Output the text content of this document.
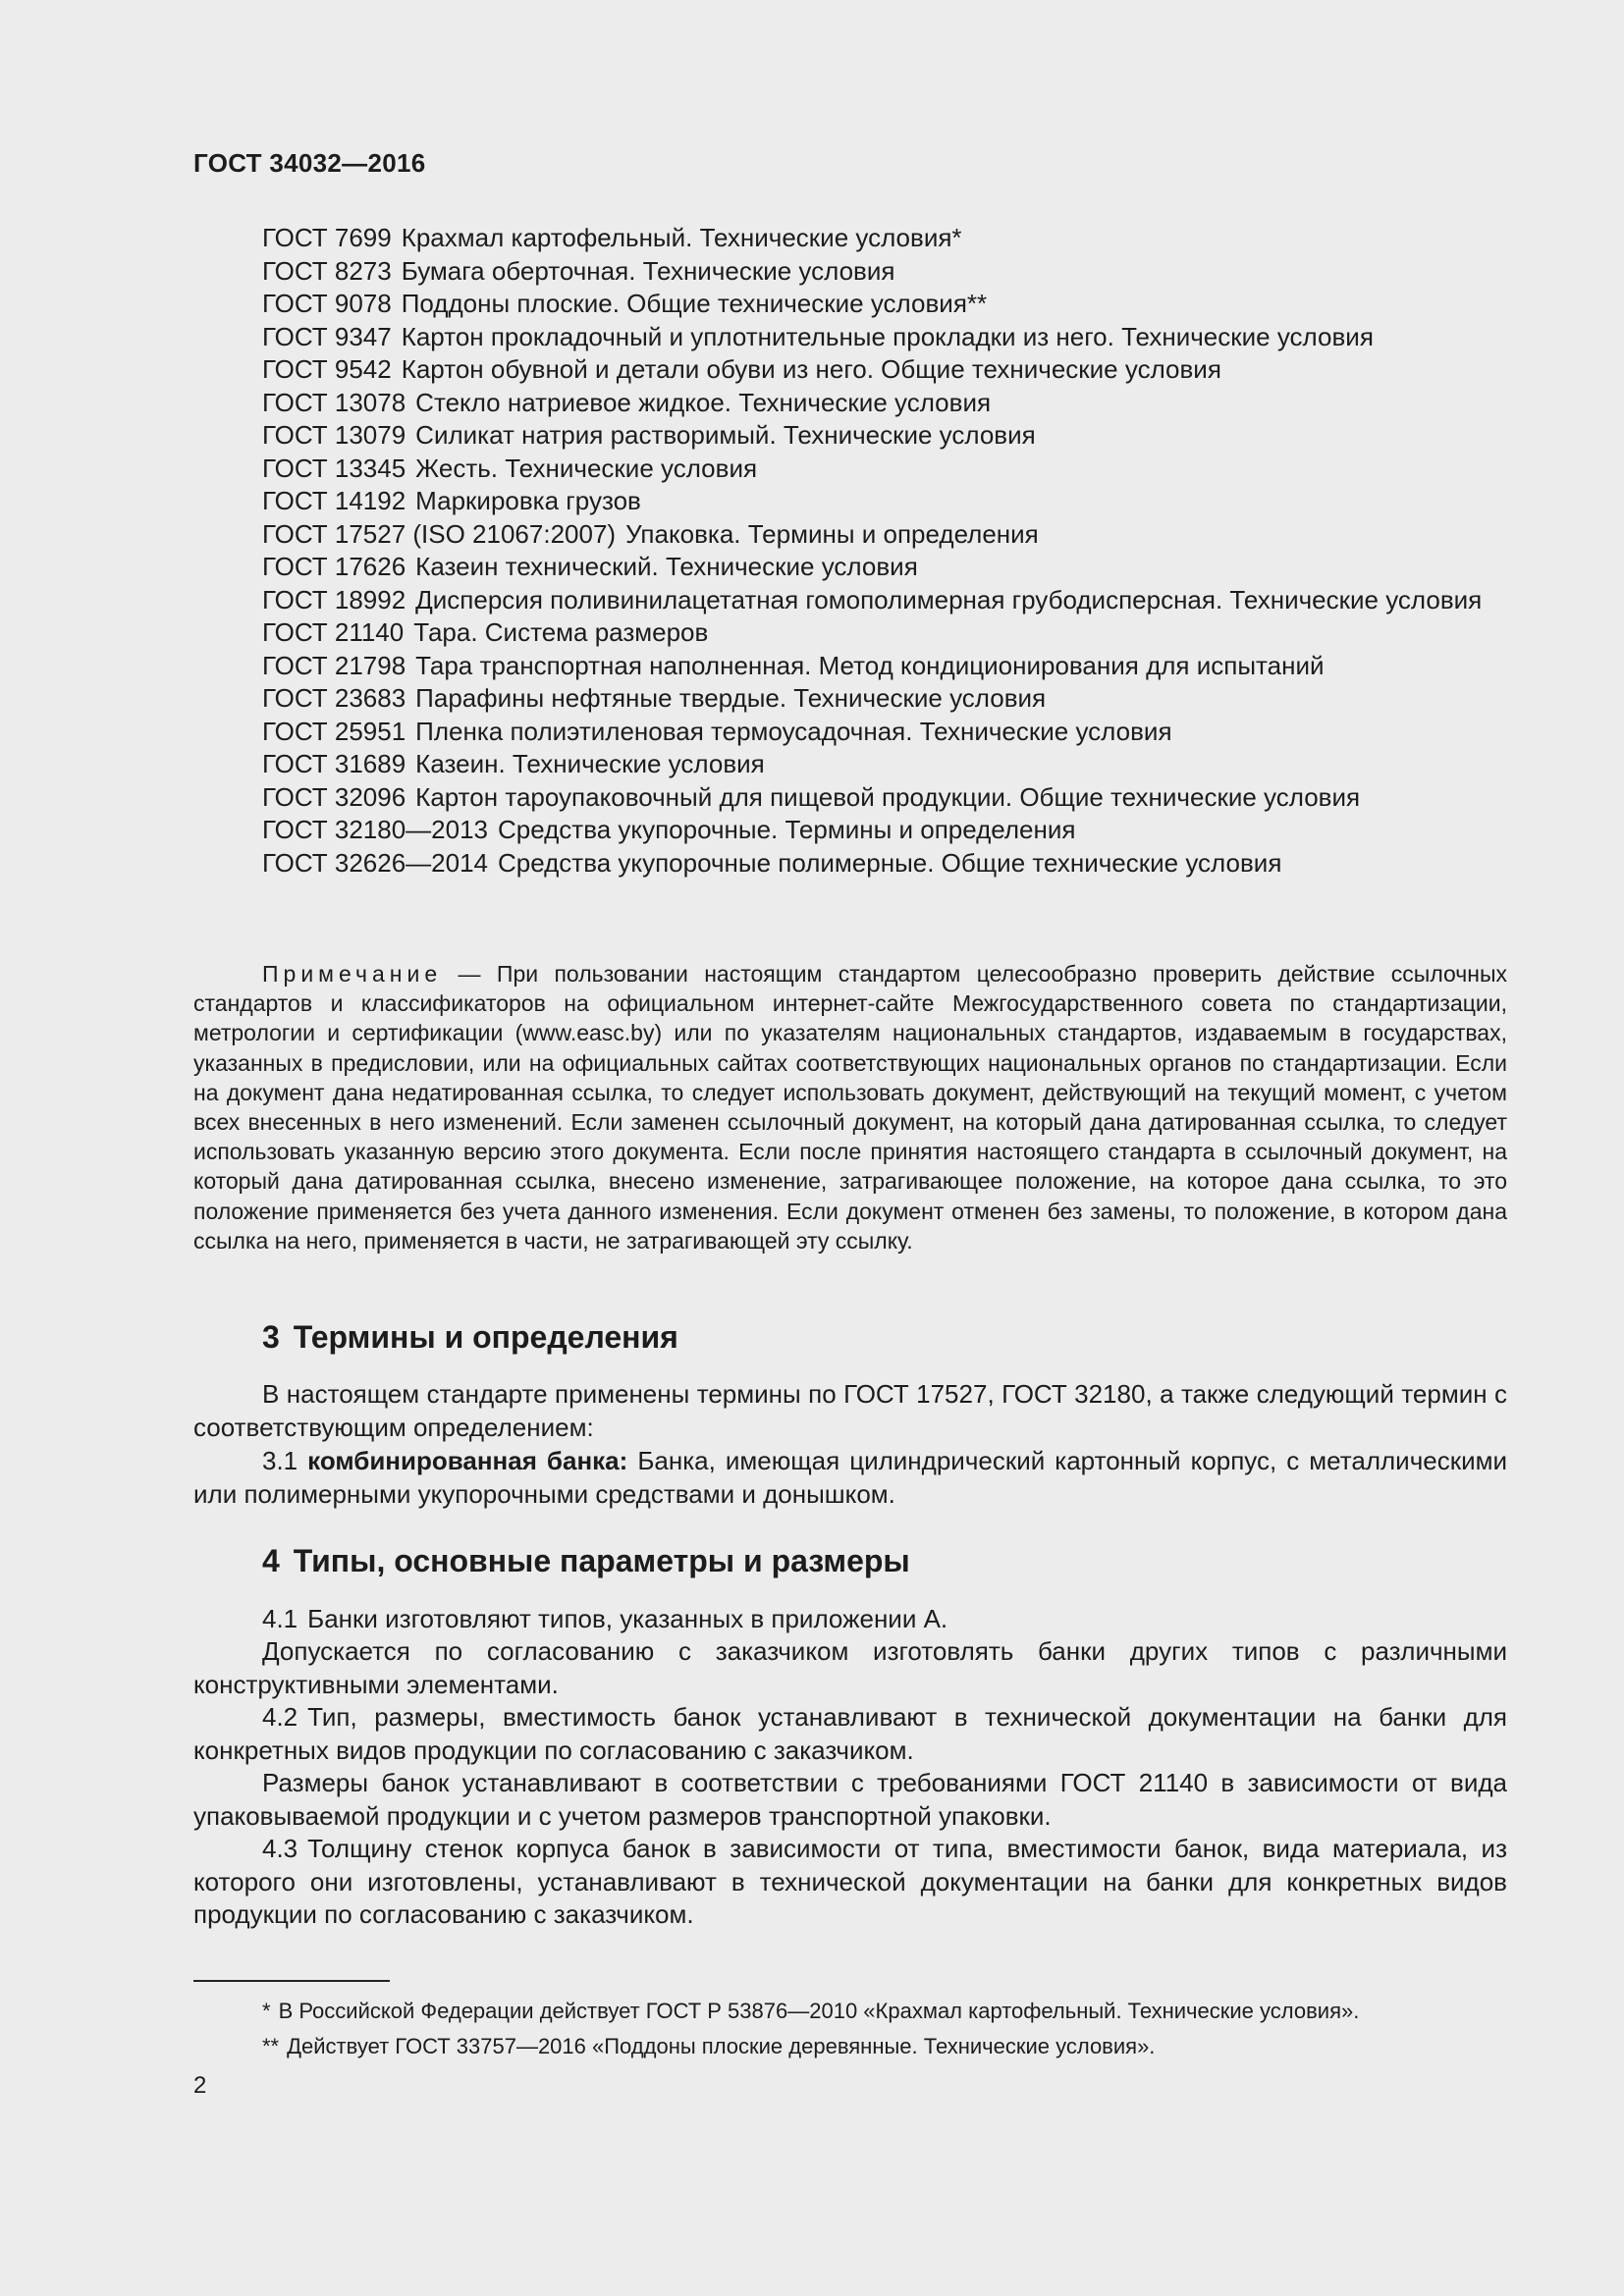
ГОСТ 34032—2016

ГОСТ 7699 Крахмал картофельный. Технические условия*

ГОСТ 8273 Бумага оберточная. Технические условия

ГОСТ 9078 Поддоны плоские. Общие технические условия**

ГОСТ 9347 Картон прокладочный и уплотнительные прокладки из него. Технические условия

ГОСТ 9542 Картон обувной и детали обуви из него. Общие технические условия

ГОСТ 13078 Стекло натриевое жидкое. Технические условия

ГОСТ 13079 Силикат натрия растворимый. Технические условия

ГОСТ 13345 Жесть. Технические условия

ГОСТ 14192 Маркировка грузов

ГОСТ 17527 (ISO 21067:2007) Упаковка. Термины и определения

ГОСТ 17626 Казеин технический. Технические условия

ГОСТ 18992 Дисперсия поливинилацетатная гомополимерная грубодисперсная. Технические условия

ГОСТ 21140 Тара. Система размеров

ГОСТ 21798 Тара транспортная наполненная. Метод кондиционирования для испытаний

ГОСТ 23683 Парафины нефтяные твердые. Технические условия

ГОСТ 25951 Пленка полиэтиленовая термоусадочная. Технические условия

ГОСТ 31689 Казеин. Технические условия

ГОСТ 32096 Картон тароупаковочный для пищевой продукции. Общие технические условия

ГОСТ 32180—2013 Средства укупорочные. Термины и определения

ГОСТ 32626—2014 Средства укупорочные полимерные. Общие технические условия

Примечание — При пользовании настоящим стандартом целесообразно проверить действие ссылочных стандартов и классификаторов на официальном интернет-сайте Межгосударственного совета по стандартизации, метрологии и сертификации (www.easc.by) или по указателям национальных стандартов, издаваемым в государствах, указанных в предисловии, или на официальных сайтах соответствующих национальных органов по стандартизации. Если на документ дана недатированная ссылка, то следует использовать документ, действующий на текущий момент, с учетом всех внесенных в него изменений. Если заменен ссылочный документ, на который дана датированная ссылка, то следует использовать указанную версию этого документа. Если после принятия настоящего стандарта в ссылочный документ, на который дана датированная ссылка, внесено изменение, затрагивающее положение, на которое дана ссылка, то это положение применяется без учета данного изменения. Если документ отменен без замены, то положение, в котором дана ссылка на него, применяется в части, не затрагивающей эту ссылку.

3 Термины и определения

В настоящем стандарте применены термины по ГОСТ 17527, ГОСТ 32180, а также следующий термин с соответствующим определением:

3.1 комбинированная банка: Банка, имеющая цилиндрический картонный корпус, с металлическими или полимерными укупорочными средствами и донышком.

4 Типы, основные параметры и размеры

4.1 Банки изготовляют типов, указанных в приложении А.

Допускается по согласованию с заказчиком изготовлять банки других типов с различными конструктивными элементами.

4.2 Тип, размеры, вместимость банок устанавливают в технической документации на банки для конкретных видов продукции по согласованию с заказчиком.

Размеры банок устанавливают в соответствии с требованиями ГОСТ 21140 в зависимости от вида упаковываемой продукции и с учетом размеров транспортной упаковки.

4.3 Толщину стенок корпуса банок в зависимости от типа, вместимости банок, вида материала, из которого они изготовлены, устанавливают в технической документации на банки для конкретных видов продукции по согласованию с заказчиком.

* В Российской Федерации действует ГОСТ Р 53876—2010 «Крахмал картофельный. Технические условия».

** Действует ГОСТ 33757—2016 «Поддоны плоские деревянные. Технические условия».

2
